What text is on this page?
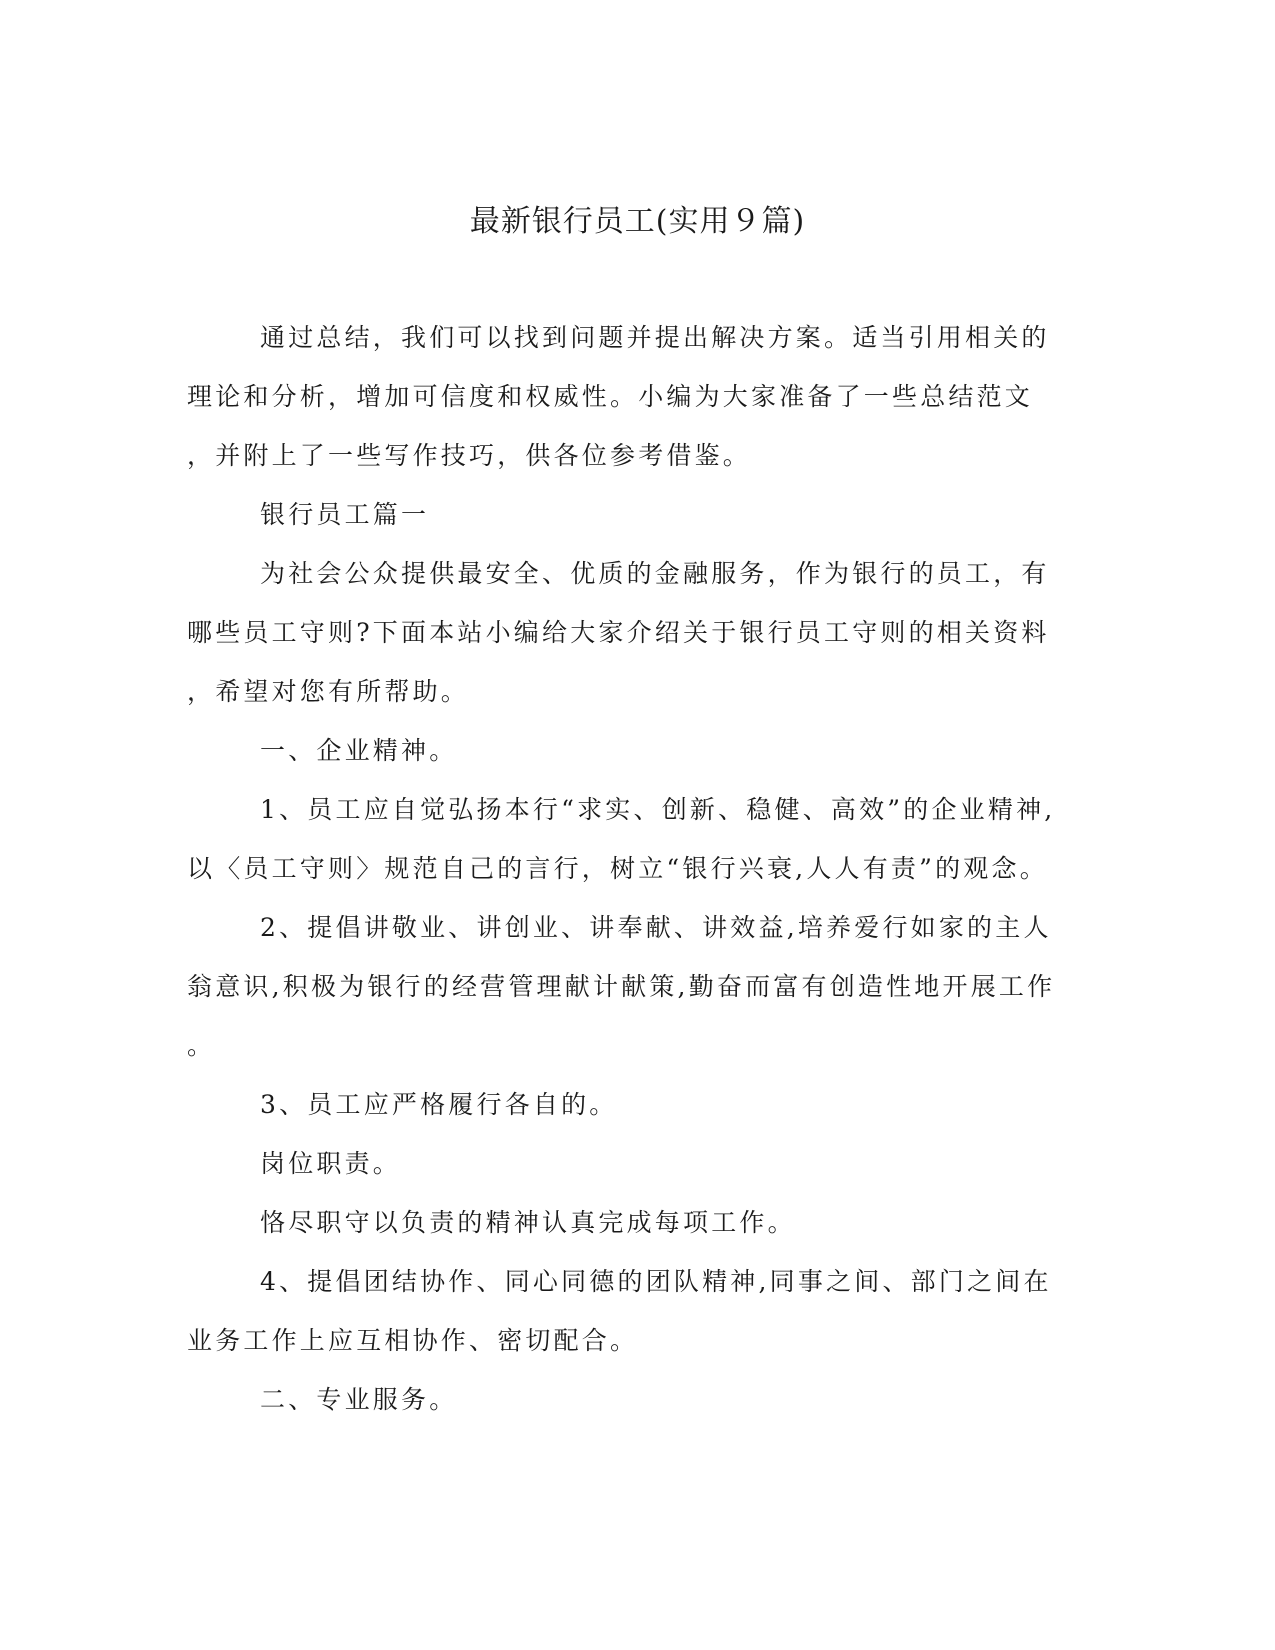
最新银行员工(实用９篇)

通过总结，我们可以找到问题并提出解决方案。适当引用相关的

理论和分析，增加可信度和权威性。小编为大家准备了一些总结范文

，并附上了一些写作技巧，供各位参考借鉴。

银行员工篇一

为社会公众提供最安全、优质的金融服务，作为银行的员工，有

哪些员工守则?下面本站小编给大家介绍关于银行员工守则的相关资料

，希望对您有所帮助。

一、企业精神。

1、员工应自觉弘扬本行“求实、创新、稳健、高效”的企业精神,

以〈员工守则〉规范自己的言行，树立“银行兴衰,人人有责”的观念。

2、提倡讲敬业、讲创业、讲奉献、讲效益,培养爱行如家的主人

翁意识,积极为银行的经营管理献计献策,勤奋而富有创造性地开展工作

。

3、员工应严格履行各自的。

岗位职责。

恪尽职守以负责的精神认真完成每项工作。

4、提倡团结协作、同心同德的团队精神,同事之间、部门之间在

业务工作上应互相协作、密切配合。

二、专业服务。
